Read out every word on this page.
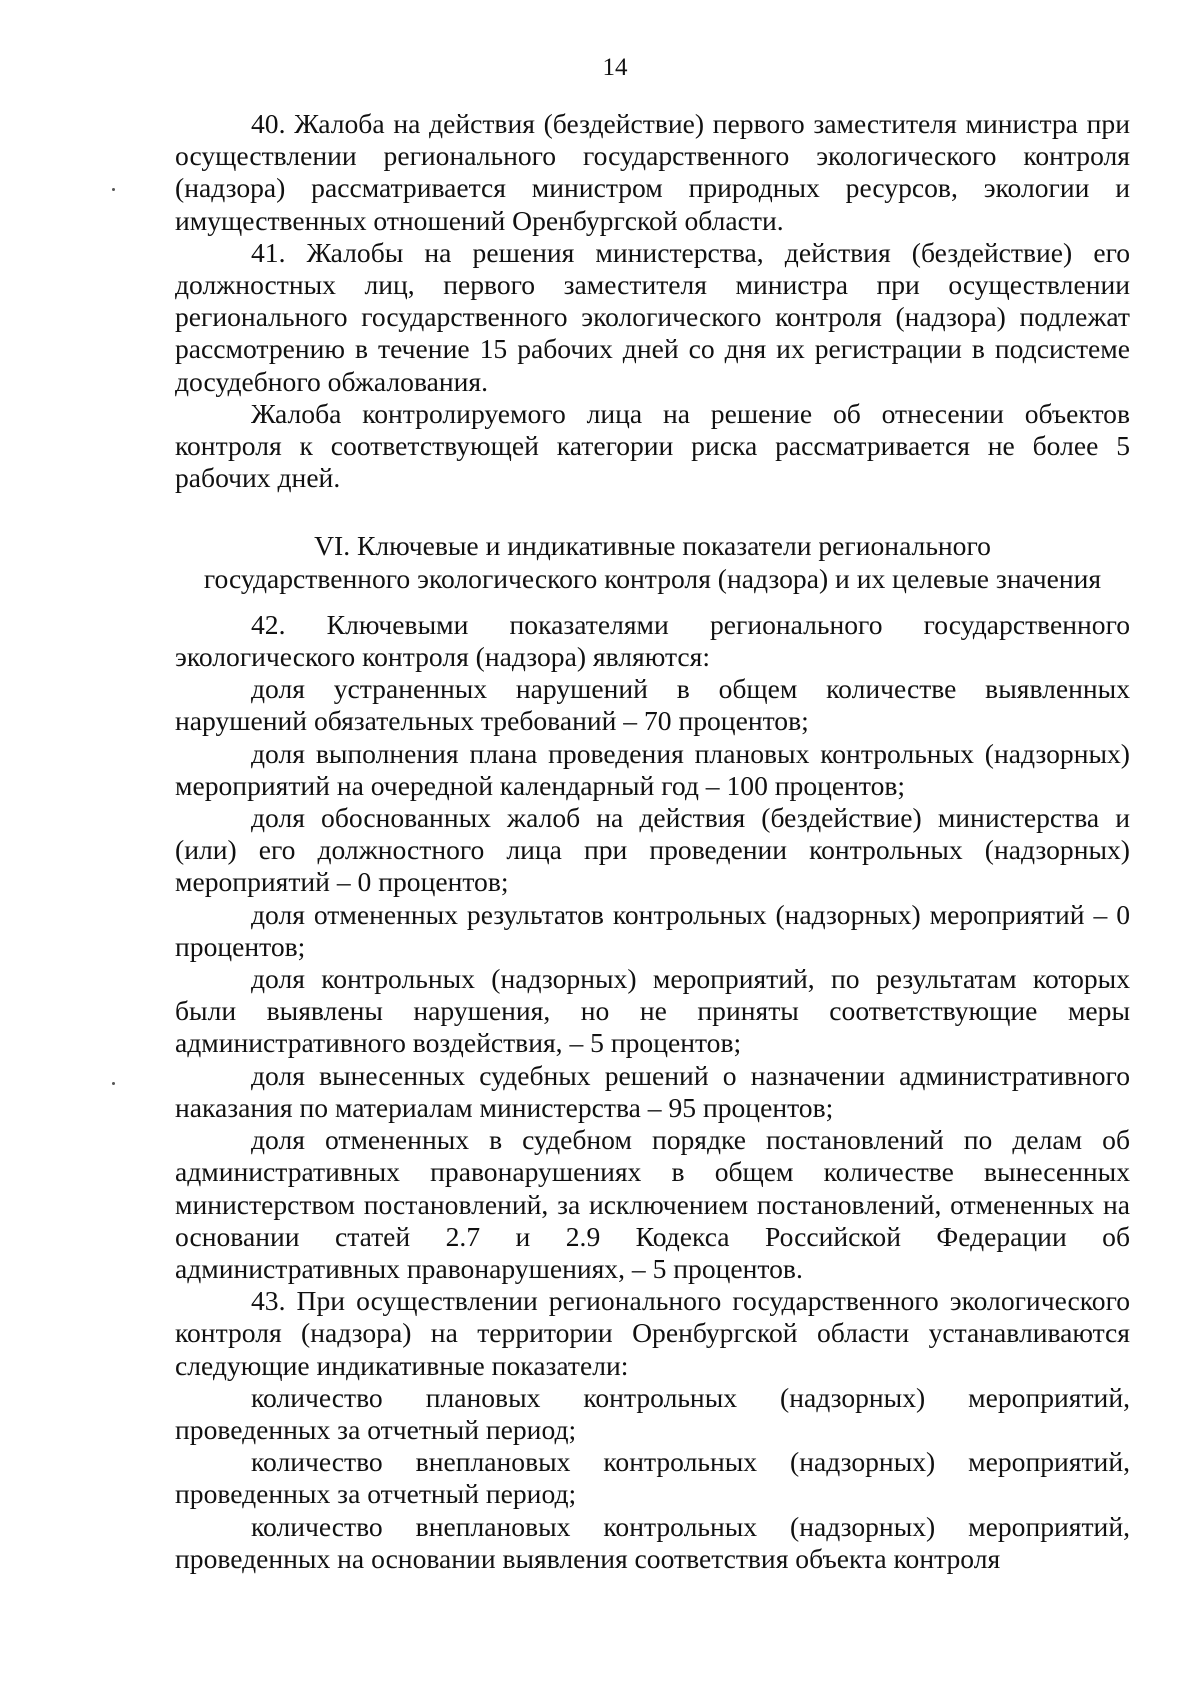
14

40. Жалоба на действия (бездействие) первого заместителя министра при осуществлении регионального государственного экологического контроля (надзора) рассматривается министром природных ресурсов, экологии и имущественных отношений Оренбургской области.

41. Жалобы на решения министерства, действия (бездействие) его должностных лиц, первого заместителя министра при осуществлении регионального государственного экологического контроля (надзора) подлежат рассмотрению в течение 15 рабочих дней со дня их регистрации в подсистеме досудебного обжалования.

Жалоба контролируемого лица на решение об отнесении объектов контроля к соответствующей категории риска рассматривается не более 5 рабочих дней.

VI. Ключевые и индикативные показатели регионального
государственного экологического контроля (надзора) и их целевые значения

42. Ключевыми показателями регионального государственного экологического контроля (надзора) являются:

доля устраненных нарушений в общем количестве выявленных нарушений обязательных требований – 70 процентов;

доля выполнения плана проведения плановых контрольных (надзорных) мероприятий на очередной календарный год – 100 процентов;

доля обоснованных жалоб на действия (бездействие) министерства и (или) его должностного лица при проведении контрольных (надзорных) мероприятий – 0 процентов;

доля отмененных результатов контрольных (надзорных) мероприятий – 0 процентов;

доля контрольных (надзорных) мероприятий, по результатам которых были выявлены нарушения, но не приняты соответствующие меры административного воздействия, – 5 процентов;

доля вынесенных судебных решений о назначении административного наказания по материалам министерства – 95 процентов;

доля отмененных в судебном порядке постановлений по делам об административных правонарушениях в общем количестве вынесенных министерством постановлений, за исключением постановлений, отмененных на основании статей 2.7 и 2.9 Кодекса Российской Федерации об административных правонарушениях, – 5 процентов.

43. При осуществлении регионального государственного экологического контроля (надзора) на территории Оренбургской области устанавливаются следующие индикативные показатели:

количество плановых контрольных (надзорных) мероприятий, проведенных за отчетный период;

количество внеплановых контрольных (надзорных) мероприятий, проведенных за отчетный период;

количество внеплановых контрольных (надзорных) мероприятий, проведенных на основании выявления соответствия объекта контроля
